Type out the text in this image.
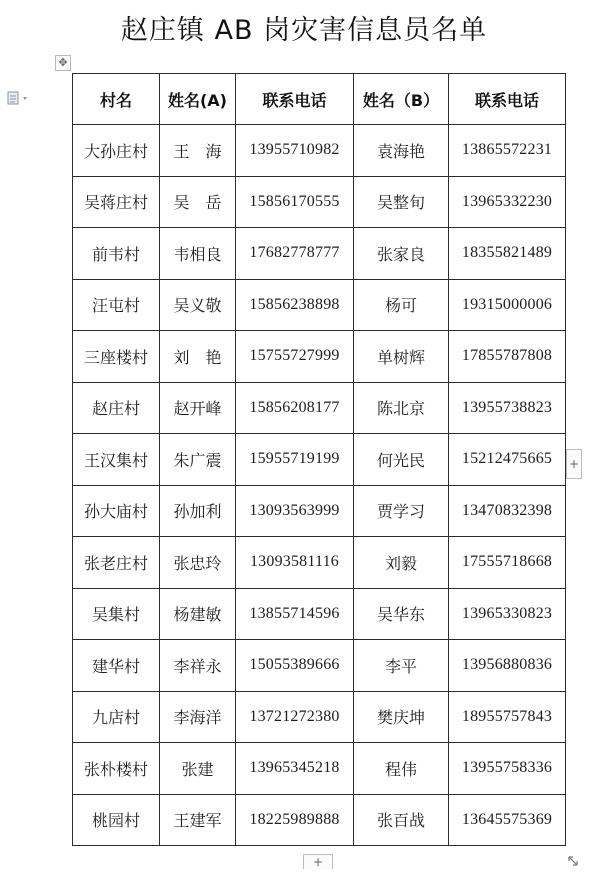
赵庄镇 AB 岗灾害信息员名单
✥
村名	姓名(A)	联系电话	姓名（B）	联系电话
大孙庄村	王　海	13955710982	袁海艳	13865572231
吴蒋庄村	吴　岳	15856170555	吴整旬	13965332230
前韦村	韦相良	17682778777	张家良	18355821489
汪屯村	吴义敬	15856238898	杨可	19315000006
三座楼村	刘　艳	15755727999	单树辉	17855787808
赵庄村	赵开峰	15856208177	陈北京	13955738823
王汉集村	朱广震	15955719199	何光民	15212475665
孙大庙村	孙加利	13093563999	贾学习	13470832398
张老庄村	张忠玲	13093581116	刘毅	17555718668
吴集村	杨建敏	13855714596	吴华东	13965330823
建华村	李祥永	15055389666	李平	13956880836
九店村	李海洋	13721272380	樊庆坤	18955757843
张朴楼村	张建	13965345218	程伟	13955758336
桃园村	王建军	18225989888	张百战	13645575369
+
+
